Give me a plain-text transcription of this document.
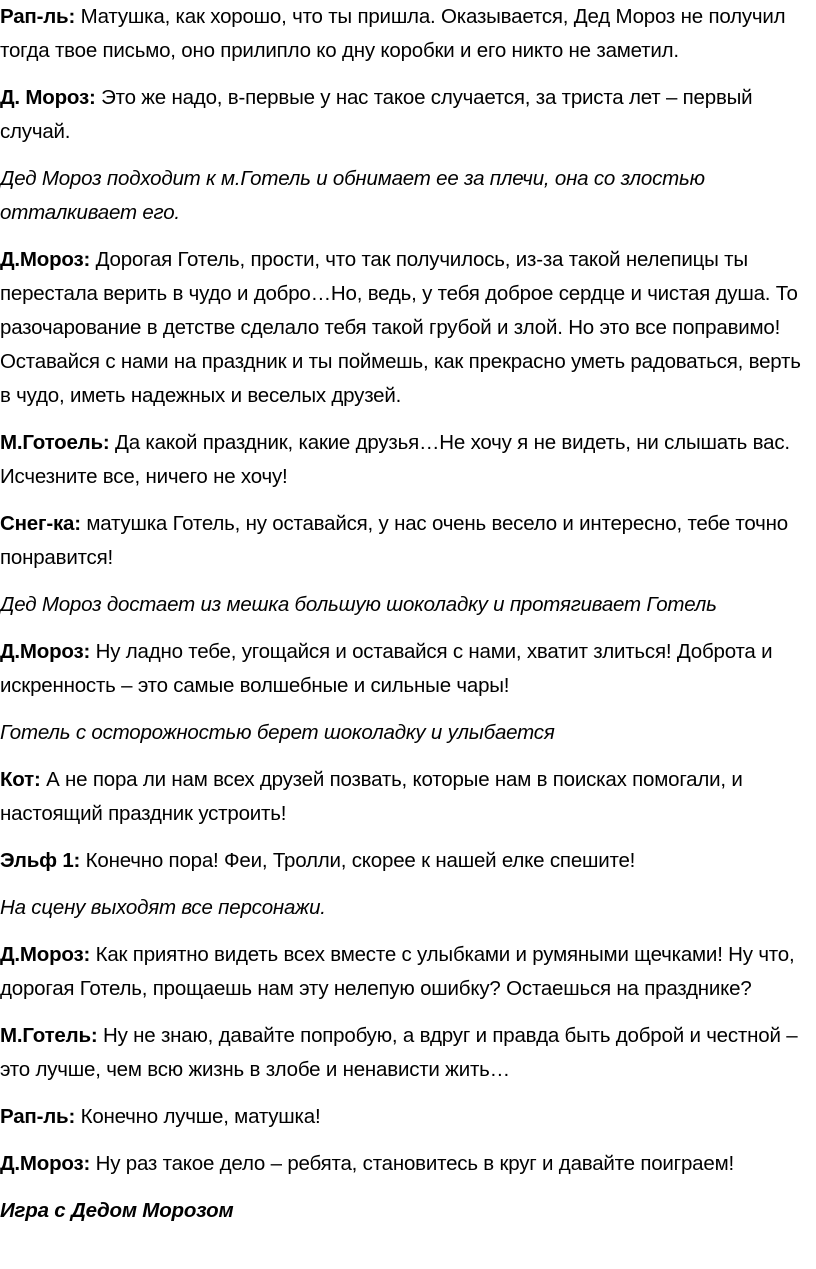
Рап-ль: Матушка, как хорошо, что ты пришла. Оказывается, Дед Мороз не получил тогда твое письмо, оно прилипло ко дну коробки и его никто не заметил.

Д. Мороз: Это же надо, в-первые у нас такое случается, за триста лет – первый случай.

Дед Мороз подходит к м.Готель и обнимает ее за плечи, она со злостью отталкивает его.

Д.Мороз: Дорогая Готель, прости, что так получилось, из-за такой нелепицы ты перестала верить в чудо и добро…Но, ведь, у тебя доброе сердце и чистая душа. То разочарование в детстве сделало тебя такой грубой и злой. Но это все поправимо! Оставайся с нами на праздник и ты поймешь, как прекрасно уметь радоваться, верть в чудо, иметь надежных и веселых друзей.

М.Готоель: Да какой праздник, какие друзья…Не хочу я не видеть, ни слышать вас. Исчезните все, ничего не хочу!

Снег-ка: матушка Готель, ну оставайся, у нас очень весело и интересно, тебе точно понравится!

Дед Мороз достает из мешка большую шоколадку и протягивает Готель

Д.Мороз: Ну ладно тебе, угощайся и оставайся с нами, хватит злиться! Доброта и искренность – это самые волшебные и сильные чары!

Готель с осторожностью берет шоколадку и улыбается

Кот: А не пора ли нам всех друзей позвать, которые нам в поисках помогали, и настоящий праздник устроить!

Эльф 1: Конечно пора! Феи, Тролли, скорее к нашей елке спешите!

На сцену выходят все персонажи.

Д.Мороз: Как приятно видеть всех вместе с улыбками и румяными щечками! Ну что, дорогая Готель, прощаешь нам эту нелепую ошибку? Остаешься на празднике?

М.Готель: Ну не знаю, давайте попробую, а вдруг и правда быть доброй и честной – это лучше, чем всю жизнь в злобе и ненависти жить…

Рап-ль: Конечно лучше, матушка!

Д.Мороз: Ну раз такое дело – ребята, становитесь в круг и давайте поиграем!

Игра с Дедом Морозом
